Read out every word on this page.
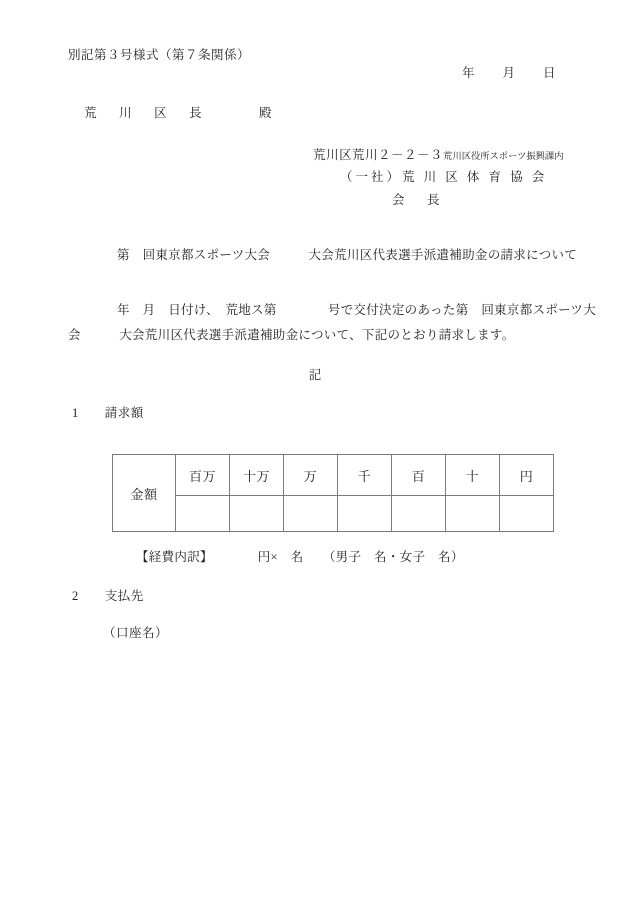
別記第３号様式（第７条関係）
年　　月　　日
荒　川　区　長　　　殿
荒川区荒川２－２－３荒川区役所スポーツ振興課内
（一社）荒 川 区 体 育 協 会
会　長
第　回東京都スポーツ大会　　　大会荒川区代表選手派遣補助金の請求について
年　月　日付け、　荒地ス第　　　　号で交付決定のあった第　回東京都スポーツ大
会　　　大会荒川区代表選手派遣補助金について、下記のとおり請求します。
記
1　　 請求額
金額	百万	十万	万	千	百	十	円

【経費内訳】　　　　円×　名　　（男子　名・女子　名）
2　　 支払先
（口座名）
